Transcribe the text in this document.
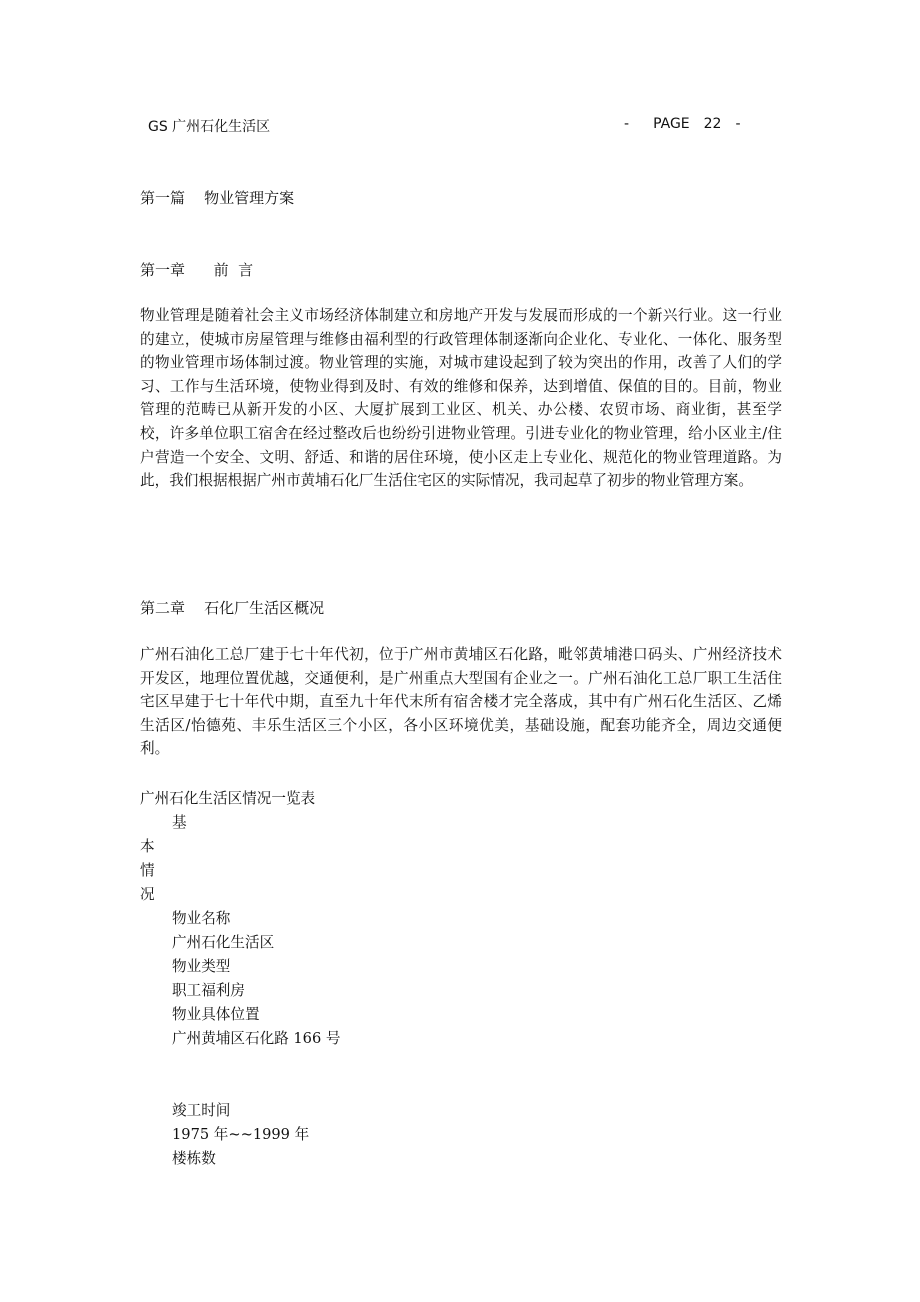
GS 广州石化生活区	- PAGE 22 -
第一篇    物业管理方案
第一章      前  言

物业管理是随着社会主义市场经济体制建立和房地产开发与发展而形成的一个新兴行业。这一行业的建立，使城市房屋管理与维修由福利型的行政管理体制逐渐向企业化、专业化、一体化、服务型的物业管理市场体制过渡。物业管理的实施，对城市建设起到了较为突出的作用，改善了人们的学习、工作与生活环境，使物业得到及时、有效的维修和保养，达到增值、保值的目的。目前，物业管理的范畴已从新开发的小区、大厦扩展到工业区、机关、办公楼、农贸市场、商业街，甚至学校，许多单位职工宿舍在经过整改后也纷纷引进物业管理。引进专业化的物业管理，给小区业主/住户营造一个安全、文明、舒适、和谐的居住环境，使小区走上专业化、规范化的物业管理道路。为此，我们根据根据广州市黄埔石化厂生活住宅区的实际情况，我司起草了初步的物业管理方案。

第二章    石化厂生活区概况

广州石油化工总厂建于七十年代初，位于广州市黄埔区石化路，毗邻黄埔港口码头、广州经济技术开发区，地理位置优越，交通便利，是广州重点大型国有企业之一。广州石油化工总厂职工生活住宅区早建于七十年代中期，直至九十年代末所有宿舍楼才完全落成，其中有广州石化生活区、乙烯生活区/怡德苑、丰乐生活区三个小区，各小区环境优美，基础设施，配套功能齐全，周边交通便利。

广州石化生活区情况一览表
基
本
情
况
物业名称
广州石化生活区
物业类型
职工福利房
物业具体位置
广州黄埔区石化路 166 号
竣工时间
1975 年~~1999 年
楼栋数
